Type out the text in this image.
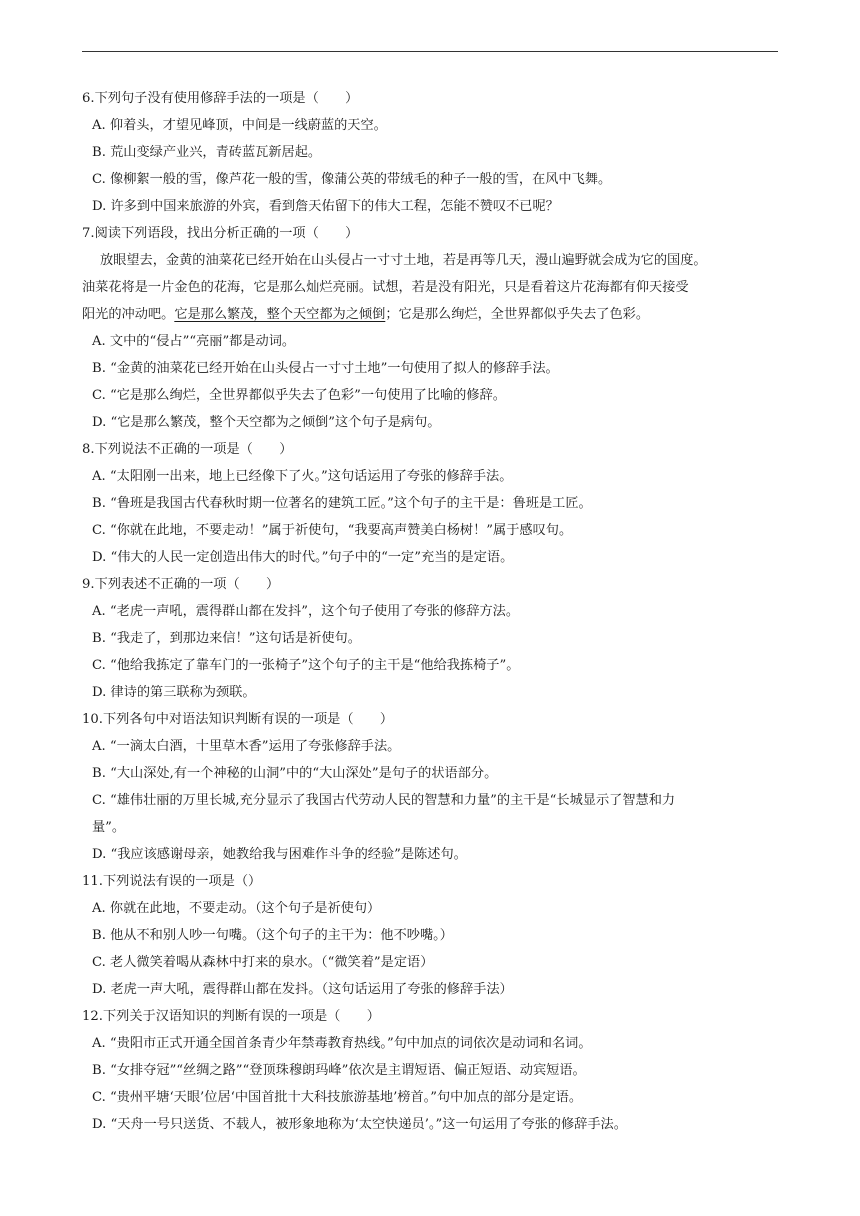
6.下列句子没有使用修辞手法的一项是（　　）

A. 仰着头，才望见峰顶，中间是一线蔚蓝的天空。

B. 荒山变绿产业兴，青砖蓝瓦新居起。

C. 像柳絮一般的雪，像芦花一般的雪，像蒲公英的带绒毛的种子一般的雪，在风中飞舞。

D. 许多到中国来旅游的外宾，看到詹天佑留下的伟大工程，怎能不赞叹不已呢？

7.阅读下列语段，找出分析正确的一项（　　）

放眼望去，金黄的油菜花已经开始在山头侵占一寸寸土地，若是再等几天，漫山遍野就会成为它的国度。

油菜花将是一片金色的花海，它是那么灿烂亮丽。试想，若是没有阳光，只是看着这片花海都有仰天接受

阳光的冲动吧。它是那么繁茂，整个天空都为之倾倒；它是那么绚烂，全世界都似乎失去了色彩。

A. 文中的“侵占”“亮丽”都是动词。

B. “金黄的油菜花已经开始在山头侵占一寸寸土地”一句使用了拟人的修辞手法。

C. “它是那么绚烂，全世界都似乎失去了色彩”一句使用了比喻的修辞。

D. “它是那么繁茂，整个天空都为之倾倒”这个句子是病句。

8.下列说法不正确的一项是（　　）

A. “太阳刚一出来，地上已经像下了火。”这句话运用了夸张的修辞手法。

B. “鲁班是我国古代春秋时期一位著名的建筑工匠。”这个句子的主干是：鲁班是工匠。

C. “你就在此地，不要走动！”属于祈使句，“我要高声赞美白杨树！”属于感叹句。

D. “伟大的人民一定创造出伟大的时代。”句子中的“一定”充当的是定语。

9.下列表述不正确的一项（　　）

A. “老虎一声吼，震得群山都在发抖”，这个句子使用了夸张的修辞方法。

B. “我走了，到那边来信！”这句话是祈使句。

C. “他给我拣定了靠车门的一张椅子”这个句子的主干是“他给我拣椅子”。

D. 律诗的第三联称为颈联。

10.下列各句中对语法知识判断有误的一项是（　　）

A. “一滴太白酒，十里草木香”运用了夸张修辞手法。

B. “大山深处,有一个神秘的山洞”中的“大山深处”是句子的状语部分。

C. “雄伟壮丽的万里长城,充分显示了我国古代劳动人民的智慧和力量”的主干是“长城显示了智慧和力

量”。

D. “我应该感谢母亲，她教给我与困难作斗争的经验”是陈述句。

11.下列说法有误的一项是（）

A. 你就在此地，不要走动。（这个句子是祈使句）

B. 他从不和别人吵一句嘴。（这个句子的主干为：他不吵嘴。）

C. 老人微笑着喝从森林中打来的泉水。（“微笑着”是定语）

D. 老虎一声大吼，震得群山都在发抖。（这句话运用了夸张的修辞手法）

12.下列关于汉语知识的判断有误的一项是（　　）

A. “贵阳市正式开通全国首条青少年禁毒教育热线。”句中加点的词依次是动词和名词。

B. “女排夺冠”“丝绸之路”“登顶珠穆朗玛峰”依次是主谓短语、偏正短语、动宾短语。

C. “贵州平塘‘天眼’位居‘中国首批十大科技旅游基地’榜首。”句中加点的部分是定语。

D. “天舟一号只送货、不载人，被形象地称为‘太空快递员’。”这一句运用了夸张的修辞手法。
